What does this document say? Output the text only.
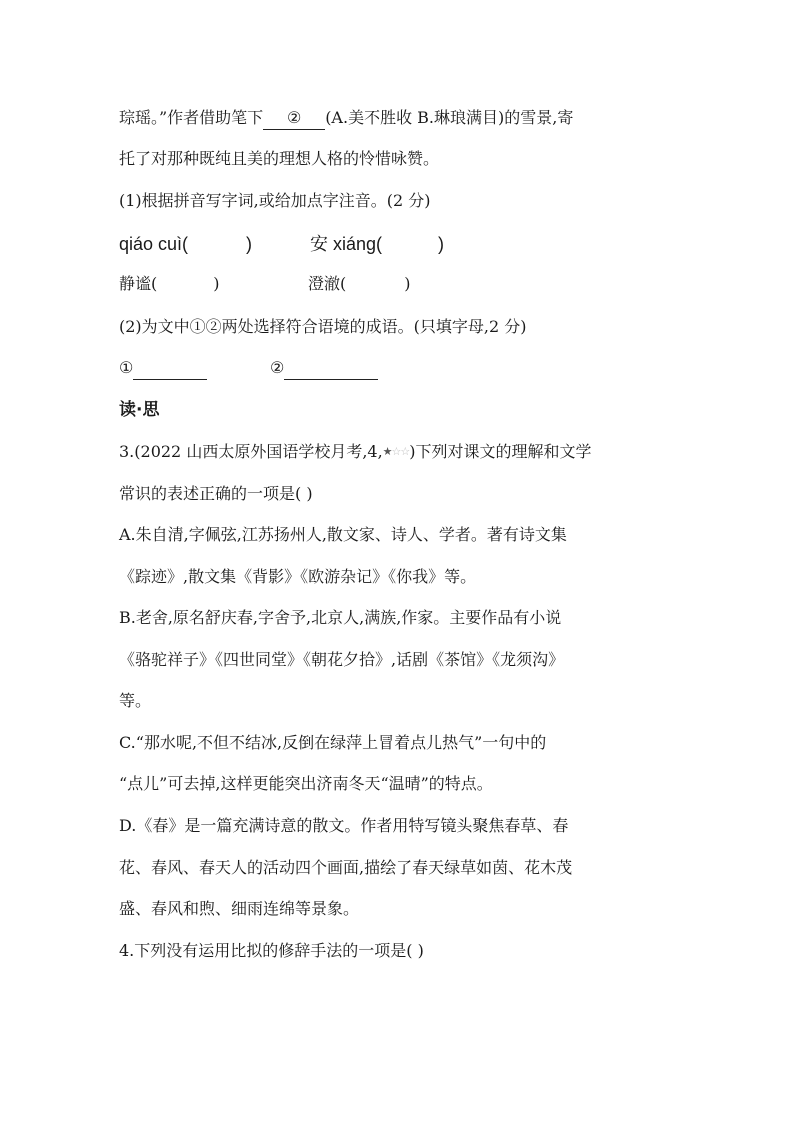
琮瑶。”作者借助笔下 ② (A.美不胜收 B.琳琅满目)的雪景,寄
托了对那种既纯且美的理想人格的怜惜咏赞。
(1)根据拼音写字词,或给加点字注音。(2 分)
qiáo cuì(	)	安 xiáng(	)
静谧(	)	澄澈(	)
(2)为文中①②两处选择符合语境的成语。(只填字母,2 分)
①	②
读·思
3.(2022 山西太原外国语学校月考,4,★☆☆)下列对课文的理解和文学
常识的表述正确的一项是( )
A.朱自清,字佩弦,江苏扬州人,散文家、诗人、学者。著有诗文集
《踪迹》,散文集《背影》《欧游杂记》《你我》等。
B.老舍,原名舒庆春,字舍予,北京人,满族,作家。主要作品有小说
《骆驼祥子》《四世同堂》《朝花夕拾》,话剧《茶馆》《龙须沟》
等。
C.“那水呢,不但不结冰,反倒在绿萍上冒着点儿热气”一句中的
“点儿”可去掉,这样更能突出济南冬天“温晴”的特点。
D.《春》是一篇充满诗意的散文。作者用特写镜头聚焦春草、春
花、春风、春天人的活动四个画面,描绘了春天绿草如茵、花木茂
盛、春风和煦、细雨连绵等景象。
4.下列没有运用比拟的修辞手法的一项是( )
